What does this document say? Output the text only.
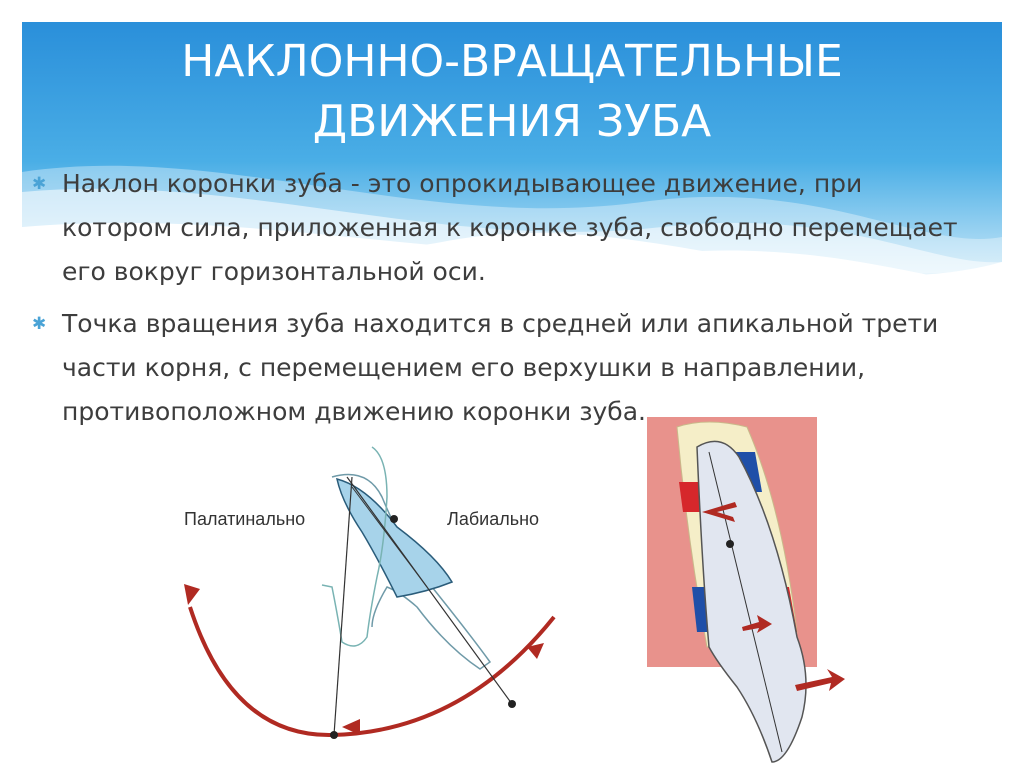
НАКЛОННО-ВРАЩАТЕЛЬНЫЕ
ДВИЖЕНИЯ ЗУБА
✱ Наклон коронки зуба - это опрокидывающее движение, при котором сила, приложенная к коронке зуба, свободно перемещает его вокруг горизонтальной оси.
✱ Точка вращения зуба находится в средней или апикальной трети части корня, с перемещением его верхушки в направлении, противоположном движению коронки зуба.
Палатинально	Лабиально
